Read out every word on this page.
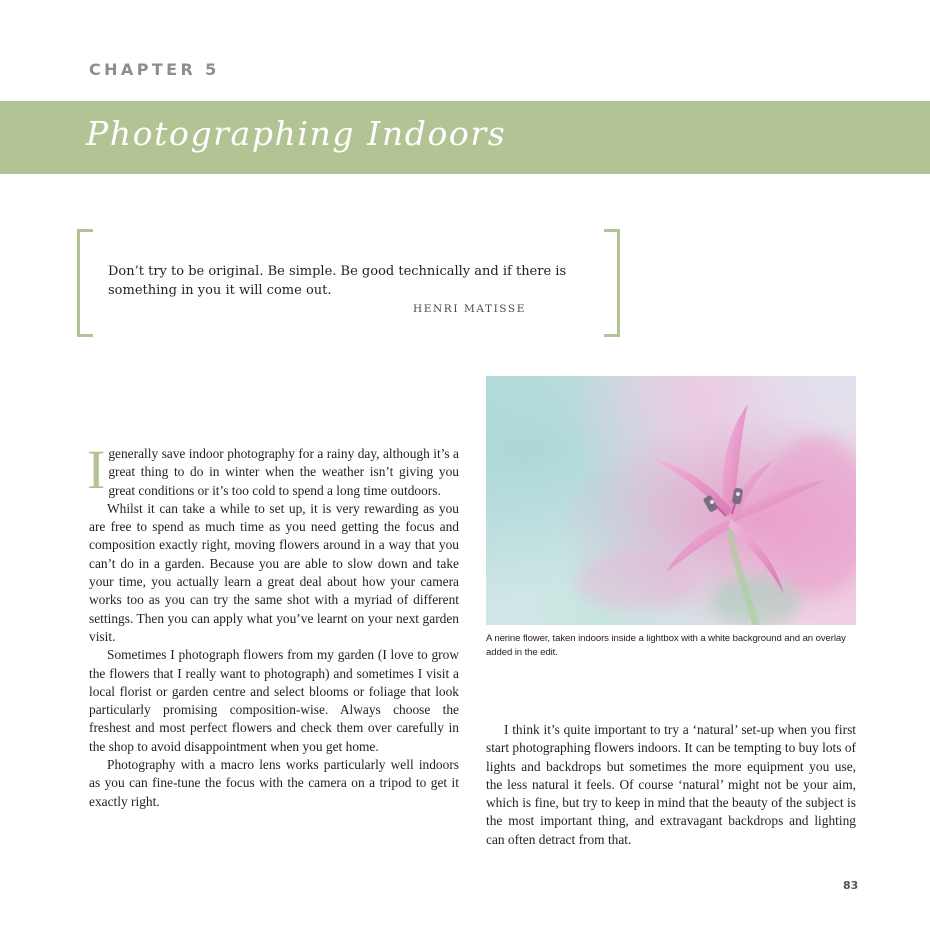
CHAPTER 5
Photographing Indoors
Don’t try to be original. Be simple. Be good technically and if there is something in you it will come out.
HENRI MATISSE

Igenerally save indoor photography for a rainy day, although it’s a great thing to do in winter when the weather isn’t giving you great conditions or it’s too cold to spend a long time outdoors.

Whilst it can take a while to set up, it is very rewarding as you are free to spend as much time as you need getting the focus and composition exactly right, moving flowers around in a way that you can’t do in a garden. Because you are able to slow down and take your time, you actually learn a great deal about how your camera works too as you can try the same shot with a myriad of different settings. Then you can apply what you’ve learnt on your next garden visit.

Sometimes I photograph flowers from my garden (I love to grow the flowers that I really want to photograph) and sometimes I visit a local florist or garden centre and select blooms or foliage that look particularly promising composition-wise. Always choose the freshest and most perfect flowers and check them over carefully in the shop to avoid disappointment when you get home.

Photography with a macro lens works particularly well indoors as you can fine-tune the focus with the camera on a tripod to get it exactly right.

A nerine flower, taken indoors inside a lightbox with a white background and an overlay added in the edit.

I think it’s quite important to try a ‘natural’ set-up when you first start photographing flowers indoors. It can be tempting to buy lots of lights and backdrops but sometimes the more equipment you use, the less natural it feels. Of course ‘natural’ might not be your aim, which is fine, but try to keep in mind that the beauty of the subject is the most important thing, and extravagant backdrops and lighting can often detract from that.

83
